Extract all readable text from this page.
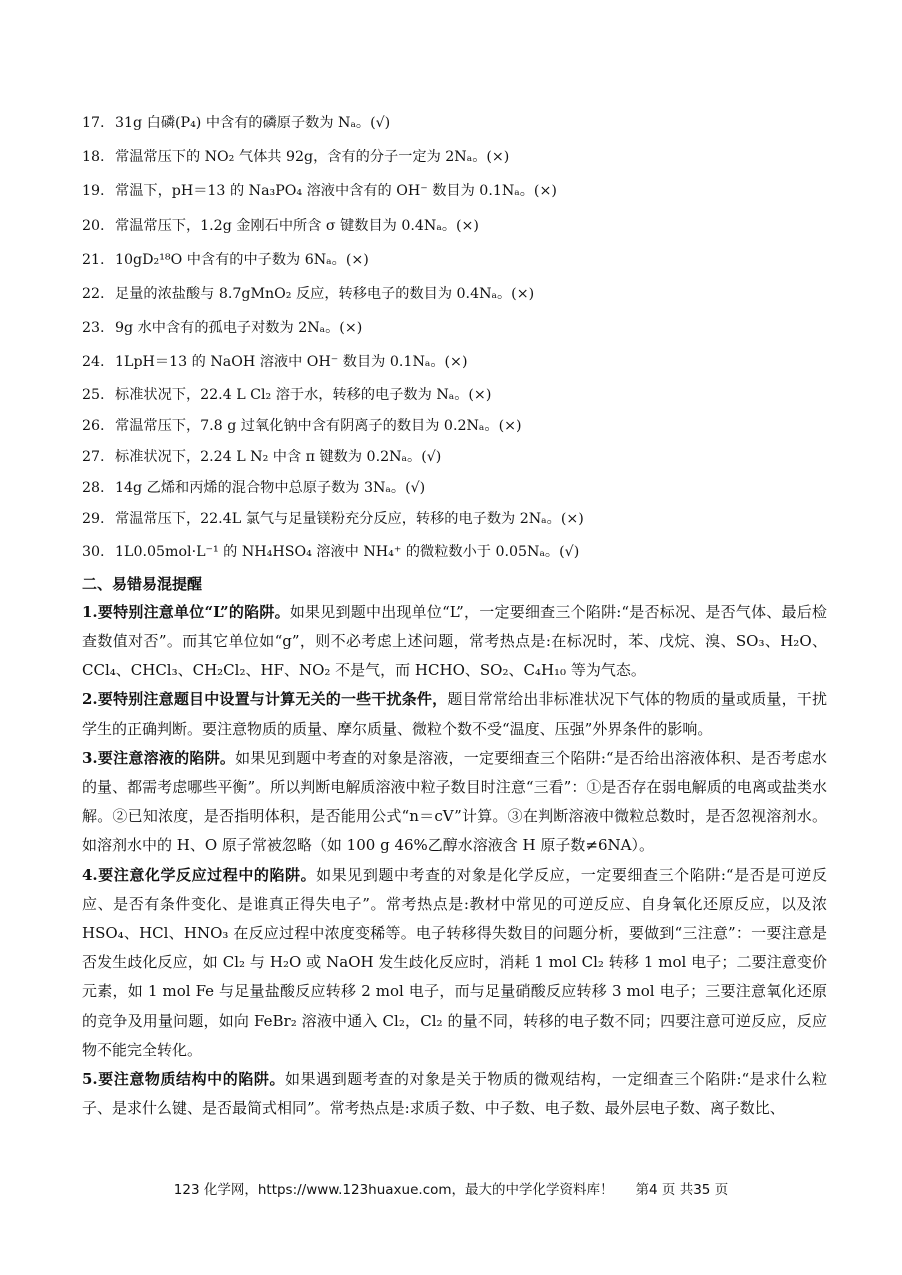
17. 31g 白磷(P₄) 中含有的磷原子数为 Nₐ。(√)
18. 常温常压下的 NO₂ 气体共 92g，含有的分子一定为 2Nₐ。(×)
19. 常温下，pH＝13 的 Na₃PO₄ 溶液中含有的 OH⁻ 数目为 0.1Nₐ。(×)
20. 常温常压下，1.2g 金刚石中所含 σ 键数目为 0.4Nₐ。(×)
21. 10gD₂¹⁸O 中含有的中子数为 6Nₐ。(×)
22. 足量的浓盐酸与 8.7gMnO₂ 反应，转移电子的数目为 0.4Nₐ。(×)
23. 9g 水中含有的孤电子对数为 2Nₐ。(×)
24. 1LpH＝13 的 NaOH 溶液中 OH⁻ 数目为 0.1Nₐ。(×)
25. 标准状况下，22.4 L Cl₂ 溶于水，转移的电子数为 Nₐ。(×)
26. 常温常压下，7.8 g 过氧化钠中含有阴离子的数目为 0.2Nₐ。(×)
27. 标准状况下，2.24 L N₂ 中含 π 键数为 0.2Nₐ。(√)
28. 14g 乙烯和丙烯的混合物中总原子数为 3Nₐ。(√)
29. 常温常压下，22.4L 氯气与足量镁粉充分反应，转移的电子数为 2Nₐ。(×)
30. 1L0.05mol·L⁻¹ 的 NH₄HSO₄ 溶液中 NH₄⁺ 的微粒数小于 0.05Nₐ。(√)
二、易错易混提醒

1.要特别注意单位“L”的陷阱。如果见到题中出现单位“L”，一定要细查三个陷阱:“是否标况、是否气体、最后检查数值对否”。而其它单位如“g”，则不必考虑上述问题，常考热点是:在标况时，苯、戊烷、溴、SO₃、H₂O、CCl₄、CHCl₃、CH₂Cl₂、HF、NO₂ 不是气，而 HCHO、SO₂、C₄H₁₀ 等为气态。

2.要特别注意题目中设置与计算无关的一些干扰条件，题目常常给出非标准状况下气体的物质的量或质量，干扰学生的正确判断。要注意物质的质量、摩尔质量、微粒个数不受“温度、压强”外界条件的影响。

3.要注意溶液的陷阱。如果见到题中考查的对象是溶液，一定要细查三个陷阱:“是否给出溶液体积、是否考虑水的量、都需考虑哪些平衡”。所以判断电解质溶液中粒子数目时注意“三看”：①是否存在弱电解质的电离或盐类水解。②已知浓度，是否指明体积，是否能用公式“n＝cV”计算。③在判断溶液中微粒总数时，是否忽视溶剂水。如溶剂水中的 H、O 原子常被忽略（如 100 g 46%乙醇水溶液含 H 原子数≠6NA）。

4.要注意化学反应过程中的陷阱。如果见到题中考查的对象是化学反应，一定要细查三个陷阱:“是否是可逆反应、是否有条件变化、是谁真正得失电子”。常考热点是:教材中常见的可逆反应、自身氧化还原反应，以及浓 HSO₄、HCl、HNO₃ 在反应过程中浓度变稀等。电子转移得失数目的问题分析，要做到“三注意”：一要注意是否发生歧化反应，如 Cl₂ 与 H₂O 或 NaOH 发生歧化反应时，消耗 1 mol Cl₂ 转移 1 mol 电子；二要注意变价元素，如 1 mol Fe 与足量盐酸反应转移 2 mol 电子，而与足量硝酸反应转移 3 mol 电子；三要注意氧化还原的竞争及用量问题，如向 FeBr₂ 溶液中通入 Cl₂，Cl₂ 的量不同，转移的电子数不同；四要注意可逆反应，反应物不能完全转化。

5.要注意物质结构中的陷阱。如果遇到题考查的对象是关于物质的微观结构，一定细查三个陷阱:“是求什么粒子、是求什么键、是否最简式相同”。常考热点是:求质子数、中子数、电子数、最外层电子数、离子数比、

123 化学网，https://www.123huaxue.com，最大的中学化学资料库！ 第4 页 共35 页
